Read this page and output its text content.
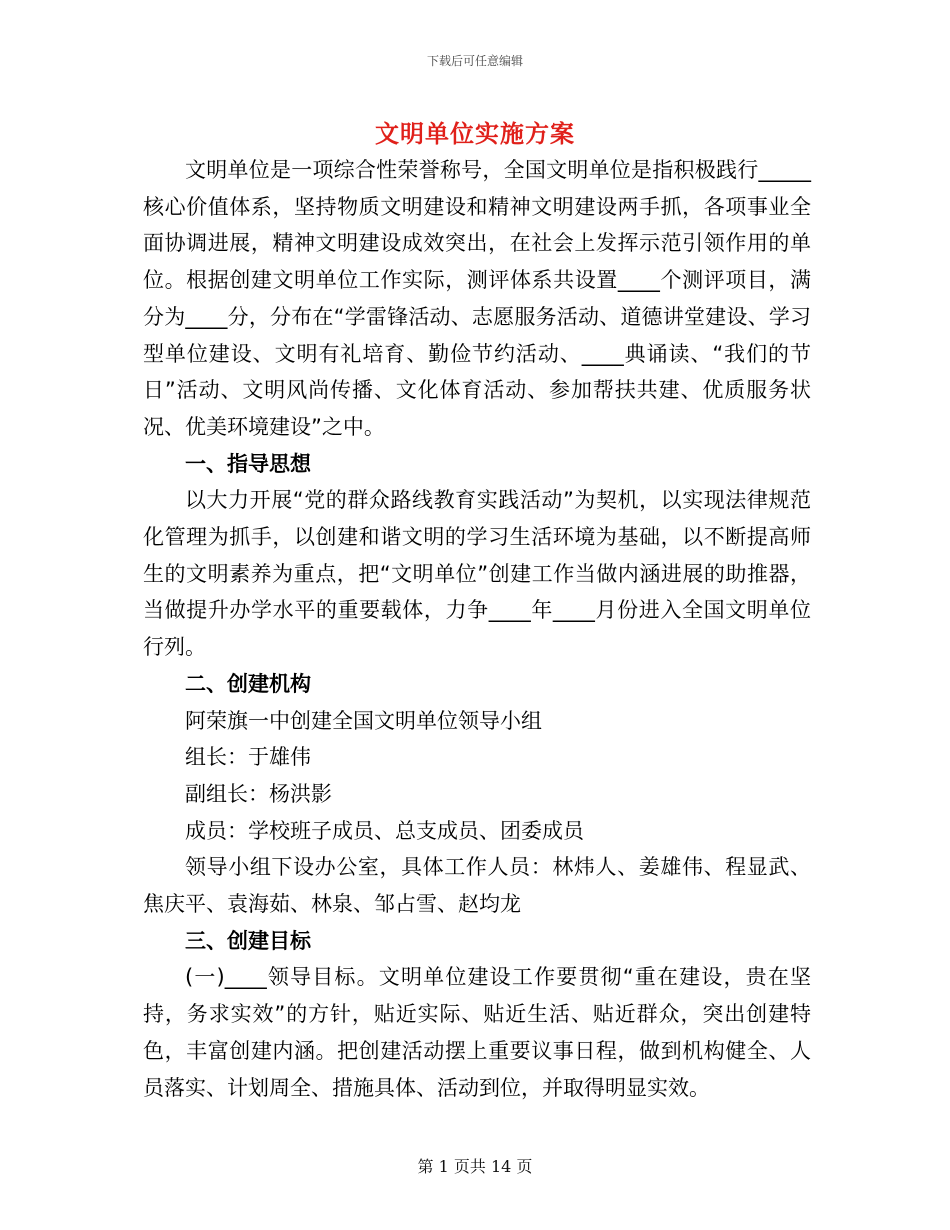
下载后可任意编辑
文明单位实施方案

文明单位是一项综合性荣誉称号，全国文明单位是指积极践行_____核心价值体系，坚持物质文明建设和精神文明建设两手抓，各项事业全面协调进展，精神文明建设成效突出，在社会上发挥示范引领作用的单位。根据创建文明单位工作实际，测评体系共设置____个测评项目，满分为____分，分布在“学雷锋活动、志愿服务活动、道德讲堂建设、学习型单位建设、文明有礼培育、勤俭节约活动、____典诵读、“我们的节日”活动、文明风尚传播、文化体育活动、参加帮扶共建、优质服务状况、优美环境建设”之中。

一、指导思想

以大力开展“党的群众路线教育实践活动”为契机，以实现法律规范化管理为抓手，以创建和谐文明的学习生活环境为基础，以不断提高师生的文明素养为重点，把“文明单位”创建工作当做内涵进展的助推器，当做提升办学水平的重要载体，力争____年____月份进入全国文明单位行列。

二、创建机构

阿荣旗一中创建全国文明单位领导小组

组长：于雄伟

副组长：杨洪影

成员：学校班子成员、总支成员、团委成员

领导小组下设办公室，具体工作人员：林炜人、姜雄伟、程显武、焦庆平、袁海茹、林泉、邹占雪、赵均龙

三、创建目标

(一)____领导目标。文明单位建设工作要贯彻“重在建设，贵在坚持，务求实效”的方针，贴近实际、贴近生活、贴近群众，突出创建特色，丰富创建内涵。把创建活动摆上重要议事日程，做到机构健全、人员落实、计划周全、措施具体、活动到位，并取得明显实效。

第 1 页共 14 页
